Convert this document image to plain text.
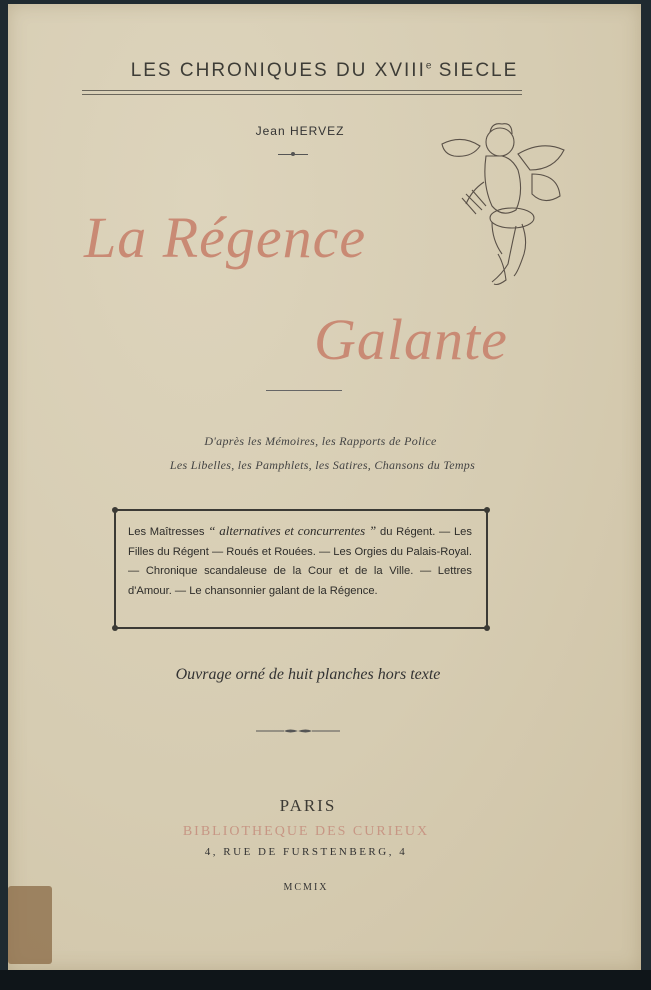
LES CHRONIQUES DU XVIIIe SIECLE
Jean HERVEZ
La Régence
Galante
D'après les Mémoires, les Rapports de Police
Les Libelles, les Pamphlets, les Satires, Chansons du Temps
Les Maîtresses “ alternatives et concurrentes ” du Régent. — Les Filles du Régent — Roués et Rouées. — Les Orgies du Palais-Royal. — Chronique scandaleuse de la Cour et de la Ville. — Lettres d'Amour. — Le chansonnier galant de la Régence.
Ouvrage orné de huit planches hors texte
PARIS
BIBLIOTHEQUE DES CURIEUX
4, RUE DE FURSTENBERG, 4
MCMIX
